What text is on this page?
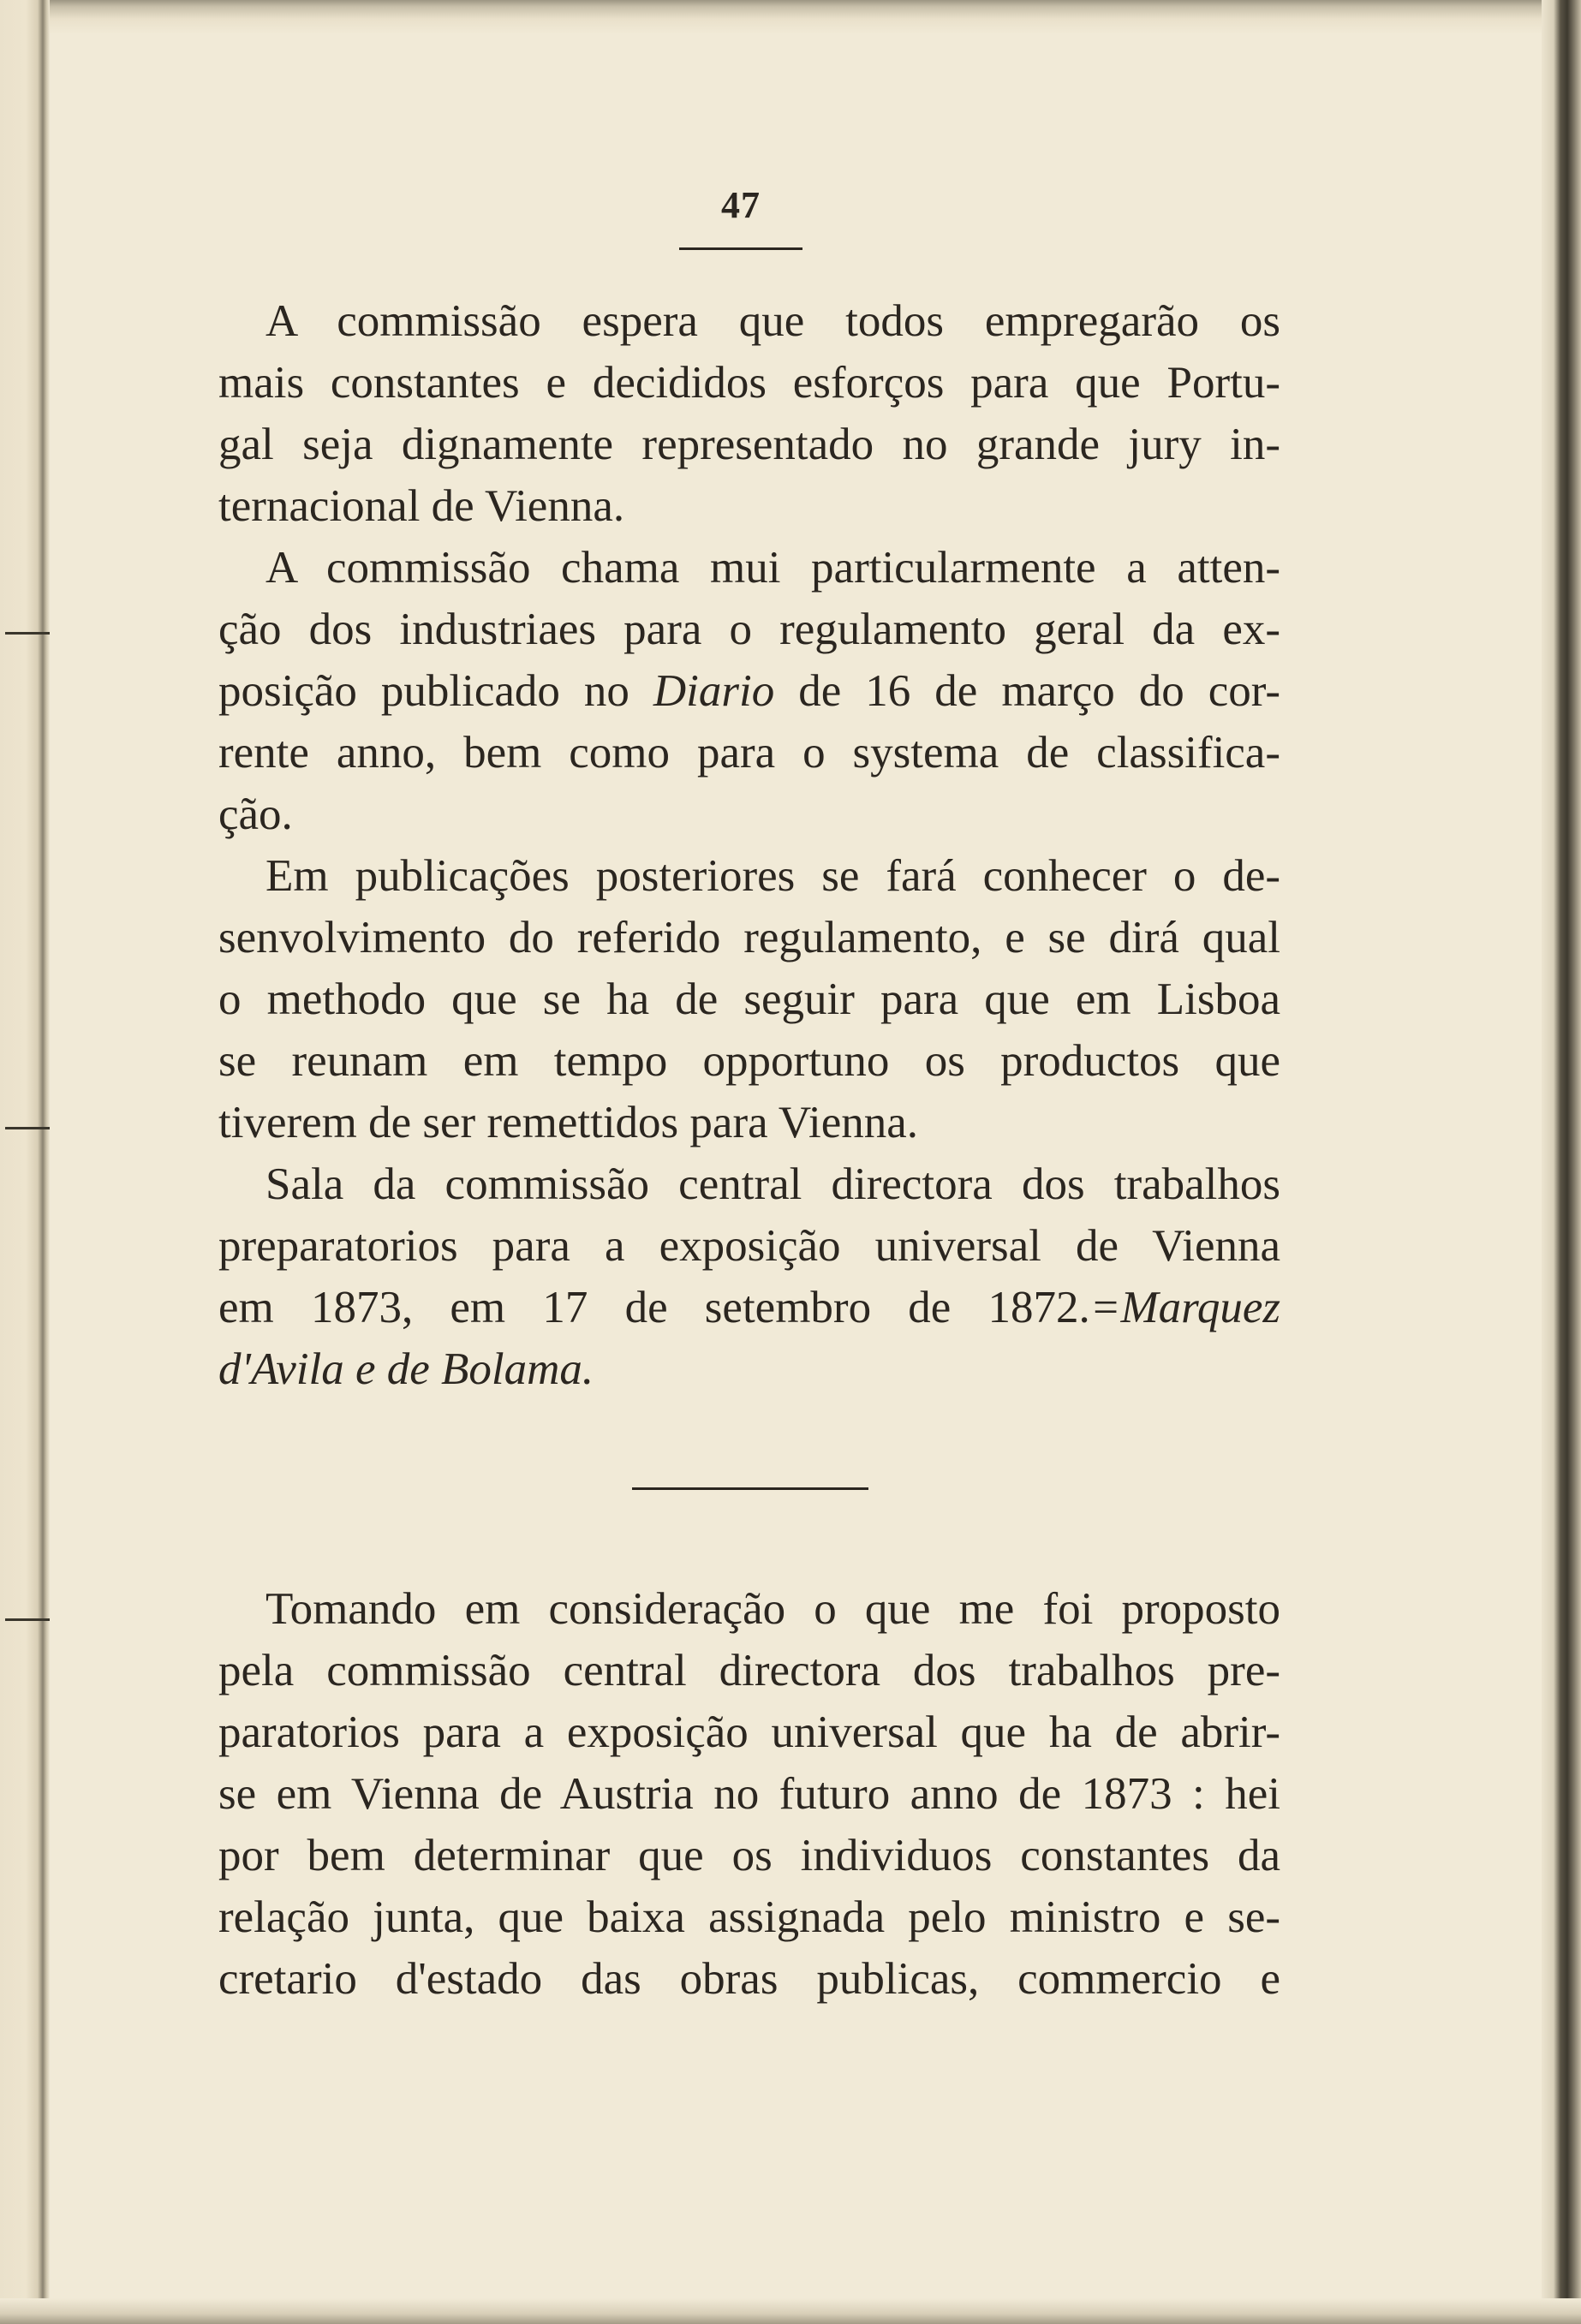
47
A commissão espera que todos empregarão os
mais constantes e decididos esforços para que Portu-
gal seja dignamente representado no grande jury in-
ternacional de Vienna.
A commissão chama mui particularmente a atten-
ção dos industriaes para o regulamento geral da ex-
posição publicado no Diario de 16 de março do cor-
rente anno, bem como para o systema de classifica-
ção.
Em publicações posteriores se fará conhecer o de-
senvolvimento do referido regulamento, e se dirá qual
o methodo que se ha de seguir para que em Lisboa
se reunam em tempo opportuno os productos que
tiverem de ser remettidos para Vienna.
Sala da commissão central directora dos trabalhos
preparatorios para a exposição universal de Vienna
em 1873, em 17 de setembro de 1872.=Marquez
d'Avila e de Bolama.
Tomando em consideração o que me foi proposto
pela commissão central directora dos trabalhos pre-
paratorios para a exposição universal que ha de abrir-
se em Vienna de Austria no futuro anno de 1873 : hei
por bem determinar que os individuos constantes da
relação junta, que baixa assignada pelo ministro e se-
cretario d'estado das obras publicas, commercio e
